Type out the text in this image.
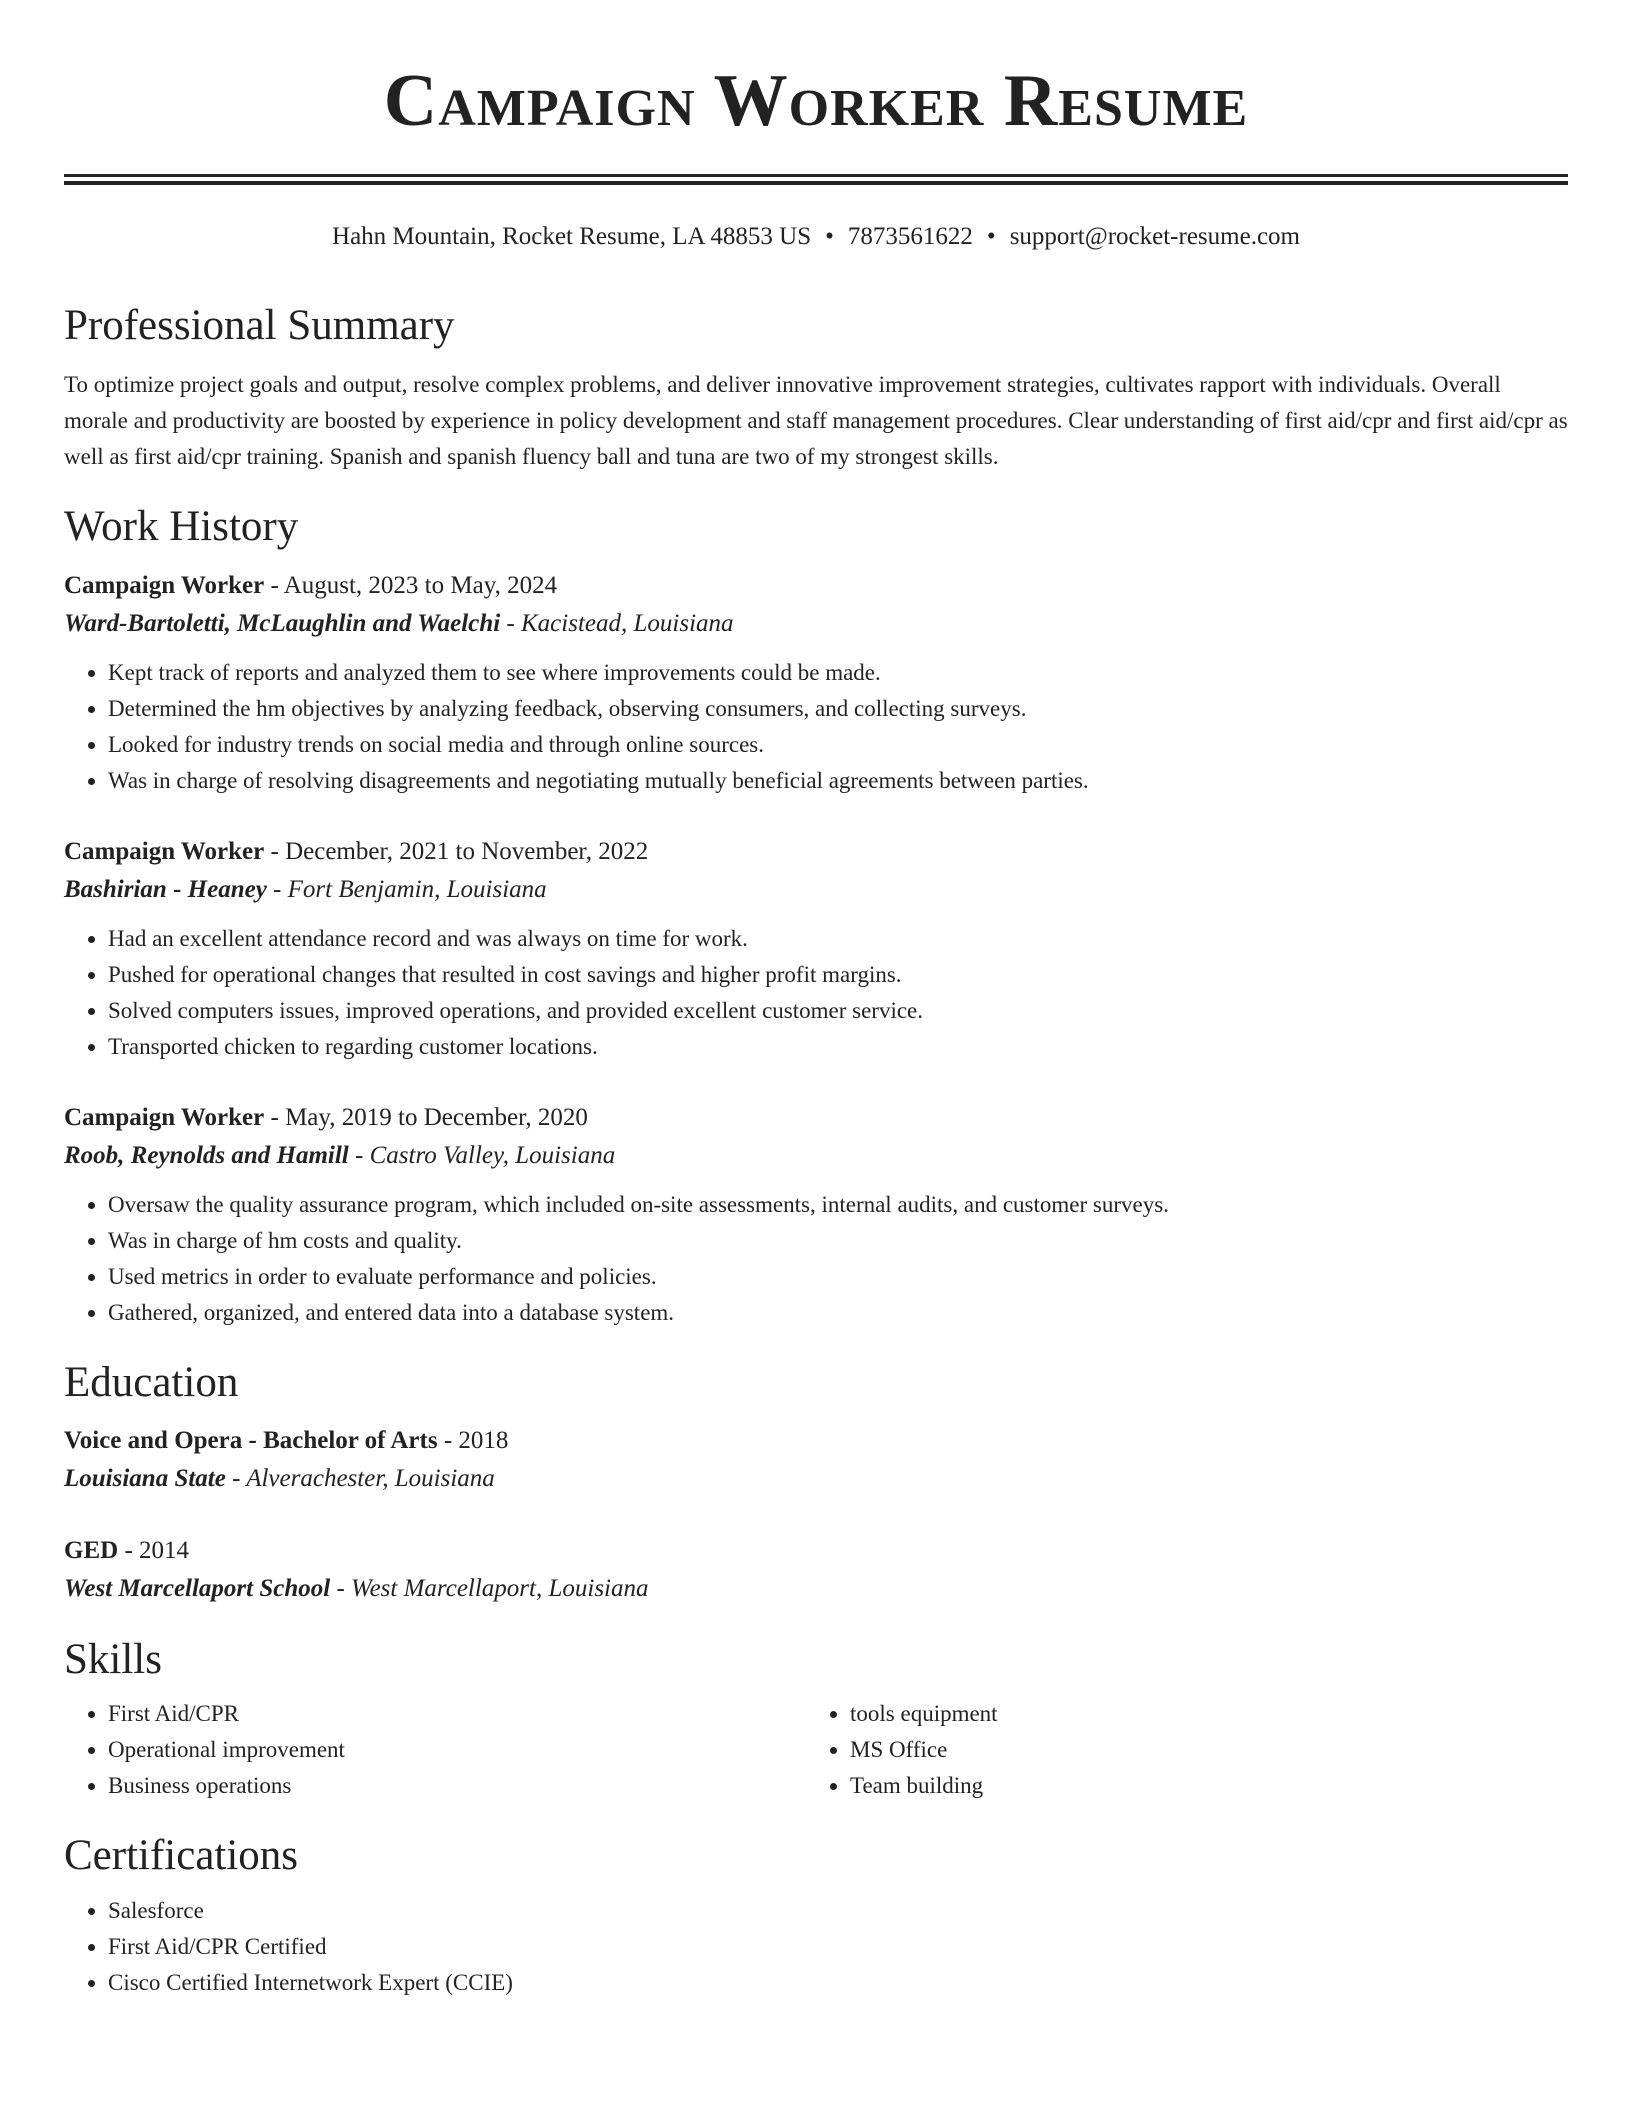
Campaign Worker Resume
Hahn Mountain, Rocket Resume, LA 48853 US • 7873561622 • support@rocket-resume.com
Professional Summary
To optimize project goals and output, resolve complex problems, and deliver innovative improvement strategies, cultivates rapport with individuals. Overall morale and productivity are boosted by experience in policy development and staff management procedures. Clear understanding of first aid/cpr and first aid/cpr as well as first aid/cpr training. Spanish and spanish fluency ball and tuna are two of my strongest skills.
Work History
Campaign Worker - August, 2023 to May, 2024
Ward-Bartoletti, McLaughlin and Waelchi - Kacistead, Louisiana
• Kept track of reports and analyzed them to see where improvements could be made.
• Determined the hm objectives by analyzing feedback, observing consumers, and collecting surveys.
• Looked for industry trends on social media and through online sources.
• Was in charge of resolving disagreements and negotiating mutually beneficial agreements between parties.
Campaign Worker - December, 2021 to November, 2022
Bashirian - Heaney - Fort Benjamin, Louisiana
• Had an excellent attendance record and was always on time for work.
• Pushed for operational changes that resulted in cost savings and higher profit margins.
• Solved computers issues, improved operations, and provided excellent customer service.
• Transported chicken to regarding customer locations.
Campaign Worker - May, 2019 to December, 2020
Roob, Reynolds and Hamill - Castro Valley, Louisiana
• Oversaw the quality assurance program, which included on-site assessments, internal audits, and customer surveys.
• Was in charge of hm costs and quality.
• Used metrics in order to evaluate performance and policies.
• Gathered, organized, and entered data into a database system.
Education
Voice and Opera - Bachelor of Arts - 2018
Louisiana State - Alverachester, Louisiana
GED - 2014
West Marcellaport School - West Marcellaport, Louisiana
Skills
• First Aid/CPR
• Operational improvement
• Business operations
• tools equipment
• MS Office
• Team building
Certifications
• Salesforce
• First Aid/CPR Certified
• Cisco Certified Internetwork Expert (CCIE)
